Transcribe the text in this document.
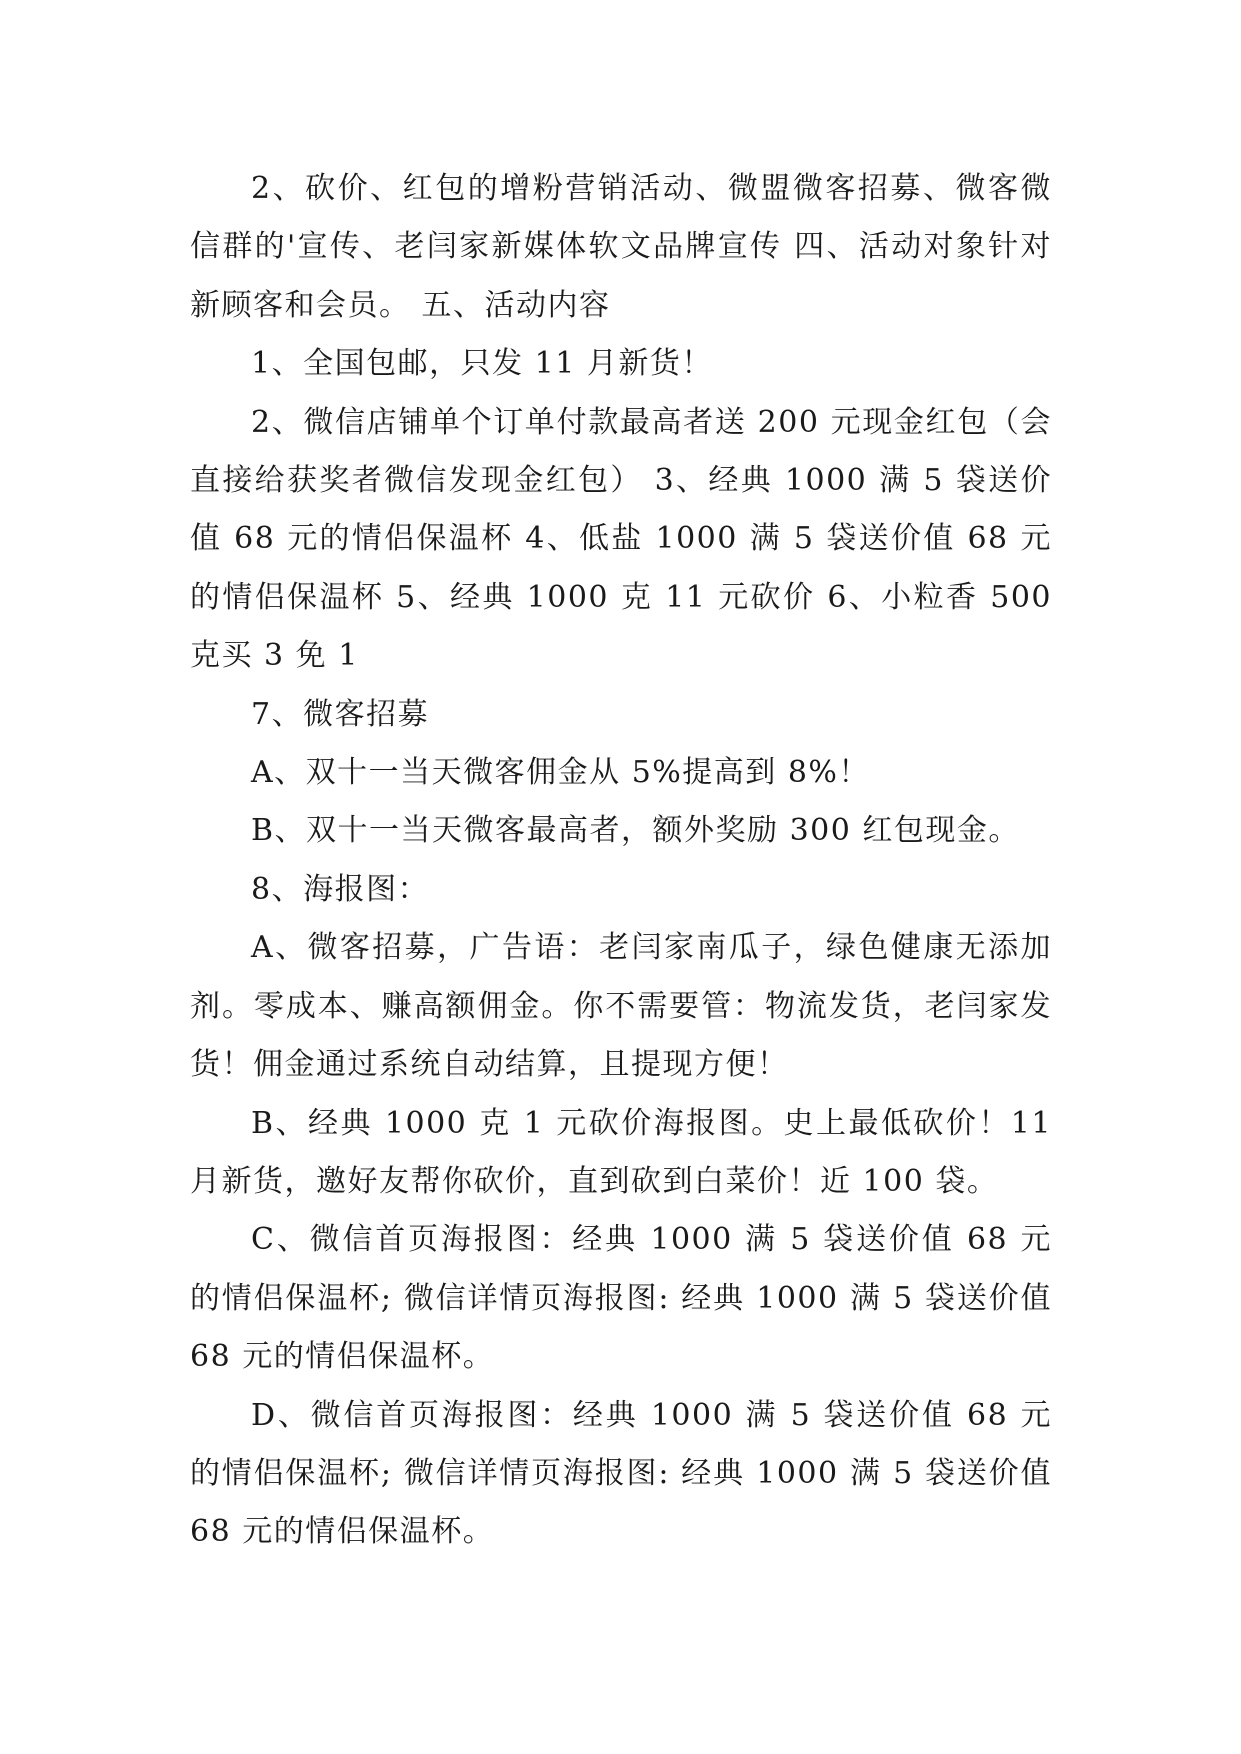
2、砍价、红包的增粉营销活动、微盟微客招募、微客微信群的'宣传、老闫家新媒体软文品牌宣传 四、活动对象针对新顾客和会员。 五、活动内容

1、全国包邮，只发 11 月新货！

2、微信店铺单个订单付款最高者送 200 元现金红包（会直接给获奖者微信发现金红包） 3、经典 1000 满 5 袋送价值 68 元的情侣保温杯 4、低盐 1000 满 5 袋送价值 68 元的情侣保温杯 5、经典 1000 克 11 元砍价 6、小粒香 500 克买 3 免 1

7、微客招募

A、双十一当天微客佣金从 5%提高到 8%！

B、双十一当天微客最高者，额外奖励 300 红包现金。

8、海报图：

A、微客招募，广告语：老闫家南瓜子，绿色健康无添加剂。零成本、赚高额佣金。你不需要管：物流发货，老闫家发货！佣金通过系统自动结算，且提现方便！

B、经典 1000 克 1 元砍价海报图。史上最低砍价！11 月新货，邀好友帮你砍价，直到砍到白菜价！近 100 袋。

C、微信首页海报图：经典 1000 满 5 袋送价值 68 元的情侣保温杯; 微信详情页海报图: 经典 1000 满 5 袋送价值 68 元的情侣保温杯。

D、微信首页海报图：经典 1000 满 5 袋送价值 68 元的情侣保温杯; 微信详情页海报图: 经典 1000 满 5 袋送价值 68 元的情侣保温杯。
